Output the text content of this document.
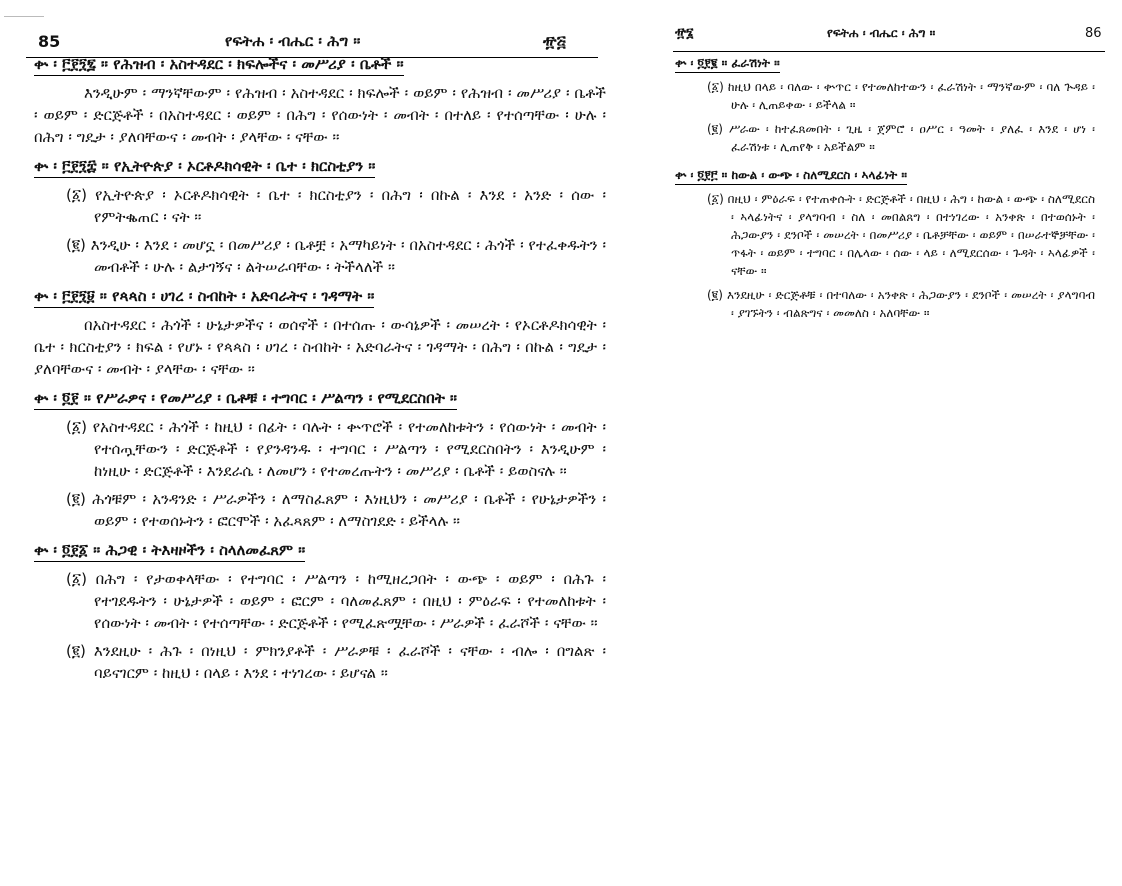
85	የፍትሐ ፡ ብሔር ፡ ሕግ ።	፹፭
ቍ ፡ ፫፻፺፯ ። የሕዝብ ፡ አስተዳደር ፡ ክፍሎችና ፡ መሥሪያ ፡ ቤቶች ።

እንዲሁም ፡ ማንኛቸውም ፡ የሕዝብ ፡ አስተዳደር ፡ ክፍሎች ፡ ወይም ፡ የሕዝብ ፡ መሥሪያ ፡ ቤቶች ፡ ወይም ፡ ድርጅቶች ፡ በአስተዳደር ፡ ወይም ፡ በሕግ ፡ የሰውነት ፡ መብት ፡ በተለይ ፡ የተሰጣቸው ፡ ሁሉ ፡ በሕግ ፡ ግዴታ ፡ ያለባቸውና ፡ መብት ፡ ያላቸው ፡ ናቸው ።

ቍ ፡ ፫፻፺፰ ። የኢትዮጵያ ፡ ኦርቶዶክሳዊት ፡ ቤተ ፡ ክርስቲያን ።

(፩) የኢትዮጵያ ፡ ኦርቶዶክሳዊት ፡ ቤተ ፡ ክርስቲያን ፡ በሕግ ፡ በኩል ፡ እንደ ፡ አንድ ፡ ሰው ፡ የምትቈጠር ፡ ናት ።

(፪) እንዲሁ ፡ እንደ ፡ መሆኗ ፡ በመሥሪያ ፡ ቤቶቿ ፡ አማካይነት ፡ በአስተዳደር ፡ ሕጎች ፡ የተፈቀዱትን ፡ መብቶች ፡ ሁሉ ፡ ልታገኝና ፡ ልትሠራባቸው ፡ ትችላለች ።

ቍ ፡ ፫፻፺፱ ። የጳጳስ ፡ ሀገረ ፡ ስብከት ፡ አድባራትና ፡ ገዳማት ።

በአስተዳደር ፡ ሕጎች ፡ ሁኔታዎችና ፡ ወሰኖች ፡ በተሰጡ ፡ ውሳኔዎች ፡ መሠረት ፡ የኦርቶዶክሳዊት ፡ ቤተ ፡ ክርስቲያን ፡ ክፍል ፡ የሆኑ ፡ የጳጳስ ፡ ሀገረ ፡ ስብከት ፡ አድባራትና ፡ ገዳማት ፡ በሕግ ፡ በኩል ፡ ግዴታ ፡ ያለባቸውና ፡ መብት ፡ ያላቸው ፡ ናቸው ።

ቍ ፡ ፬፻ ። የሥራዎና ፡ የመሥሪያ ፡ ቤቶቹ ፡ ተግባር ፡ ሥልጣን ፡ የሚደርስበት ።

(፩) የአስተዳደር ፡ ሕጎች ፡ ከዚህ ፡ በፊት ፡ ባሉት ፡ ቍጥሮች ፡ የተመለከቱትን ፡ የሰውነት ፡ መብት ፡ የተሰጧቸውን ፡ ድርጅቶች ፡ የያንዳንዱ ፡ ተግባር ፡ ሥልጣን ፡ የሚደርስበትን ፡ እንዲሁም ፡ ከነዚሁ ፡ ድርጅቶች ፡ እንደራሴ ፡ ለመሆን ፡ የተመረጡትን ፡ መሥሪያ ፡ ቤቶች ፡ ይወስናሉ ።

(፪) ሕጎቹም ፡ አንዳንድ ፡ ሥራዎችን ፡ ለማስፈጸም ፡ እነዚህን ፡ መሥሪያ ፡ ቤቶች ፡ የሁኔታዎችን ፡ ወይም ፡ የተወሰኑትን ፡ ፎርሞች ፡ አፈጻጸም ፡ ለማስገደድ ፡ ይችላሉ ።

ቍ ፡ ፬፻፩ ። ሕጋዊ ፡ ትእዛዞችን ፡ ስላለመፈጸም ።

(፩) በሕግ ፡ የታወቀላቸው ፡ የተግባር ፡ ሥልጣን ፡ ከሚዘረጋበት ፡ ውጭ ፡ ወይም ፡ በሕጉ ፡ የተገደዱትን ፡ ሁኔታዎች ፡ ወይም ፡ ፎርም ፡ ባለመፈጸም ፡ በዚህ ፡ ምዕራፍ ፡ የተመለከቱት ፡ የሰውነት ፡ መብት ፡ የተሰጣቸው ፡ ድርጅቶች ፡ የሚፈጽሟቸው ፡ ሥራዎች ፡ ፈራሾች ፡ ናቸው ።

(፪) እንደዚሁ ፡ ሕጉ ፡ በነዚህ ፡ ምክንያቶች ፡ ሥራዎቹ ፡ ፈራሾች ፡ ናቸው ፡ ብሎ ፡ በግልጽ ፡ ባይናገርም ፡ ከዚህ ፡ በላይ ፡ እንደ ፡ ተነገረው ፡ ይሆናል ።

፹፮	የፍትሐ ፡ ብሔር ፡ ሕግ ።	86
ቍ ፡ ፬፻፪ ። ፈራሽነት ።

(፩) ከዚህ በላይ ፡ ባለው ፡ ቍጥር ፡ የተመለከተውን ፡ ፈራሽነት ፡ ማንኛውም ፡ ባለ ጕዳይ ፡ ሁሉ ፡ ሊጠይቀው ፡ ይችላል ።

(፪) ሥራው ፡ ከተፈጸመበት ፡ ጊዜ ፡ ጀምሮ ፡ ዐሥር ፡ ዓመት ፡ ያለፈ ፡ እንደ ፡ ሆነ ፡ ፈራሽነቱ ፡ ሊጠየቅ ፡ አይችልም ።

ቍ ፡ ፬፻፫ ። ከውል ፡ ውጭ ፡ ስለሚደርስ ፡ ኣላፊነት ።

(፩) በዚህ ፡ ምዕራፍ ፡ የተጠቀሱት ፡ ድርጅቶች ፡ በዚህ ፡ ሕግ ፡ ከውል ፡ ውጭ ፡ ስለሚደርስ ፡ ኣላፊነትና ፡ ያላግባብ ፡ ስለ ፡ መበልጸግ ፡ በተነገረው ፡ አንቀጽ ፡ በተወሰኑት ፡ ሕጋውያን ፡ ደንቦች ፡ መሠረት ፡ በመሥሪያ ፡ ቤቶቻቸው ፡ ወይም ፡ በሠራተኞቻቸው ፡ ጥፋት ፡ ወይም ፡ ተግባር ፡ በሌላው ፡ ሰው ፡ ላይ ፡ ለሚደርሰው ፡ ጉዳት ፡ ኣላፊዎች ፡ ናቸው ።

(፪) እንደዚሁ ፡ ድርጅቶቹ ፡ በተባለው ፡ አንቀጽ ፡ ሕጋውያን ፡ ደንቦች ፡ መሠረት ፡ ያላግባብ ፡ ያገኙትን ፡ ብልጽግና ፡ መመለስ ፡ አለባቸው ።
